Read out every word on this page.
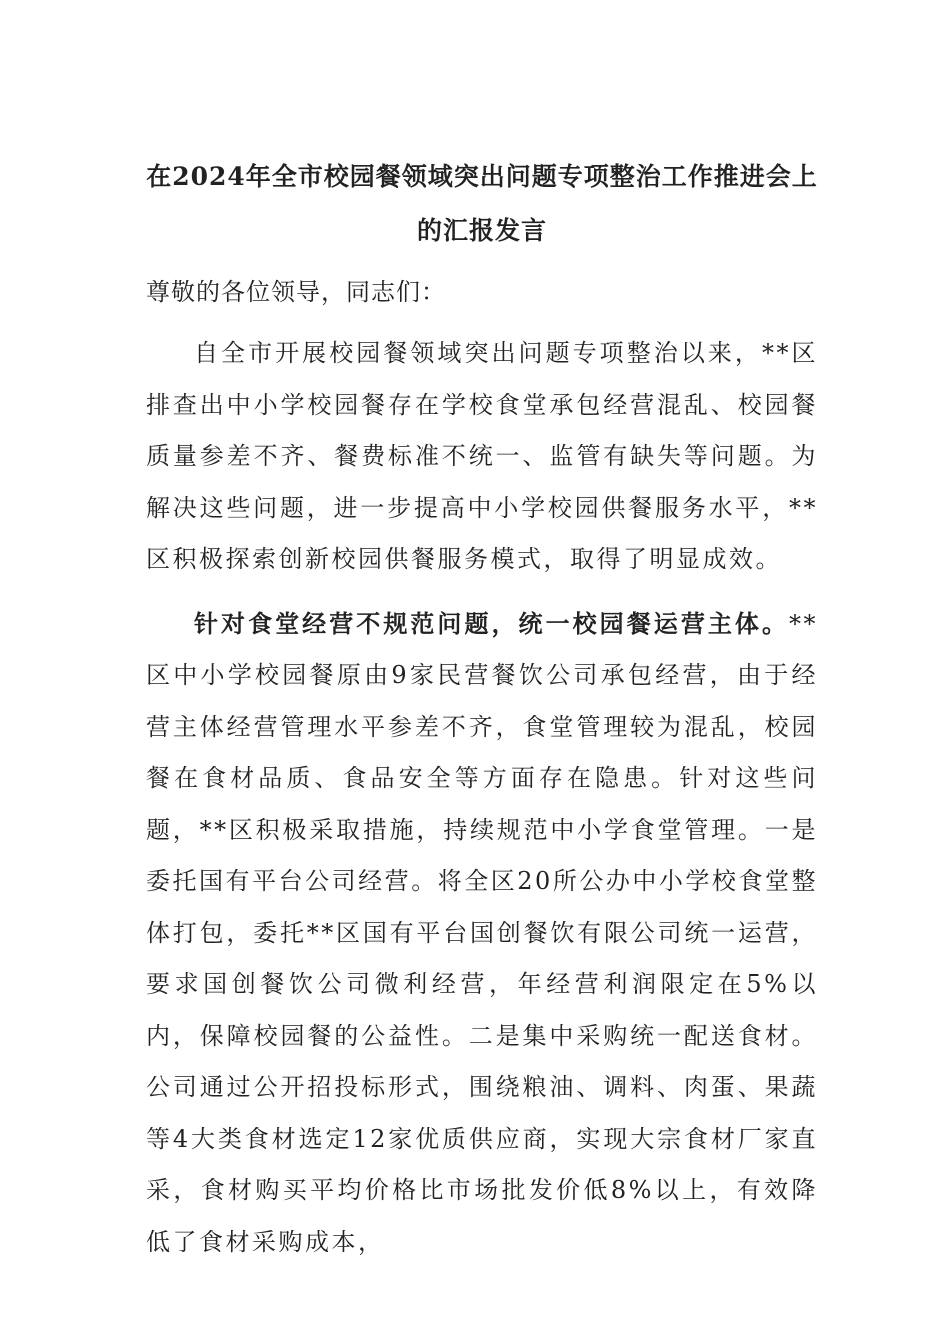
在2024年全市校园餐领域突出问题专项整治工作推进会上
的汇报发言

尊敬的各位领导，同志们：

自全市开展校园餐领域突出问题专项整治以来，**区排查出中小学校园餐存在学校食堂承包经营混乱、校园餐质量参差不齐、餐费标准不统一、监管有缺失等问题。为解决这些问题，进一步提高中小学校园供餐服务水平，**区积极探索创新校园供餐服务模式，取得了明显成效。

针对食堂经营不规范问题，统一校园餐运营主体。**区中小学校园餐原由9家民营餐饮公司承包经营，由于经营主体经营管理水平参差不齐，食堂管理较为混乱，校园餐在食材品质、食品安全等方面存在隐患。针对这些问题，**区积极采取措施，持续规范中小学食堂管理。一是委托国有平台公司经营。将全区20所公办中小学校食堂整体打包，委托**区国有平台国创餐饮有限公司统一运营，要求国创餐饮公司微利经营，年经营利润限定在5%以内，保障校园餐的公益性。二是集中采购统一配送食材。公司通过公开招投标形式，围绕粮油、调料、肉蛋、果蔬等4大类食材选定12家优质供应商，实现大宗食材厂家直采，食材购买平均价格比市场批发价低8%以上，有效降低了食材采购成本，
